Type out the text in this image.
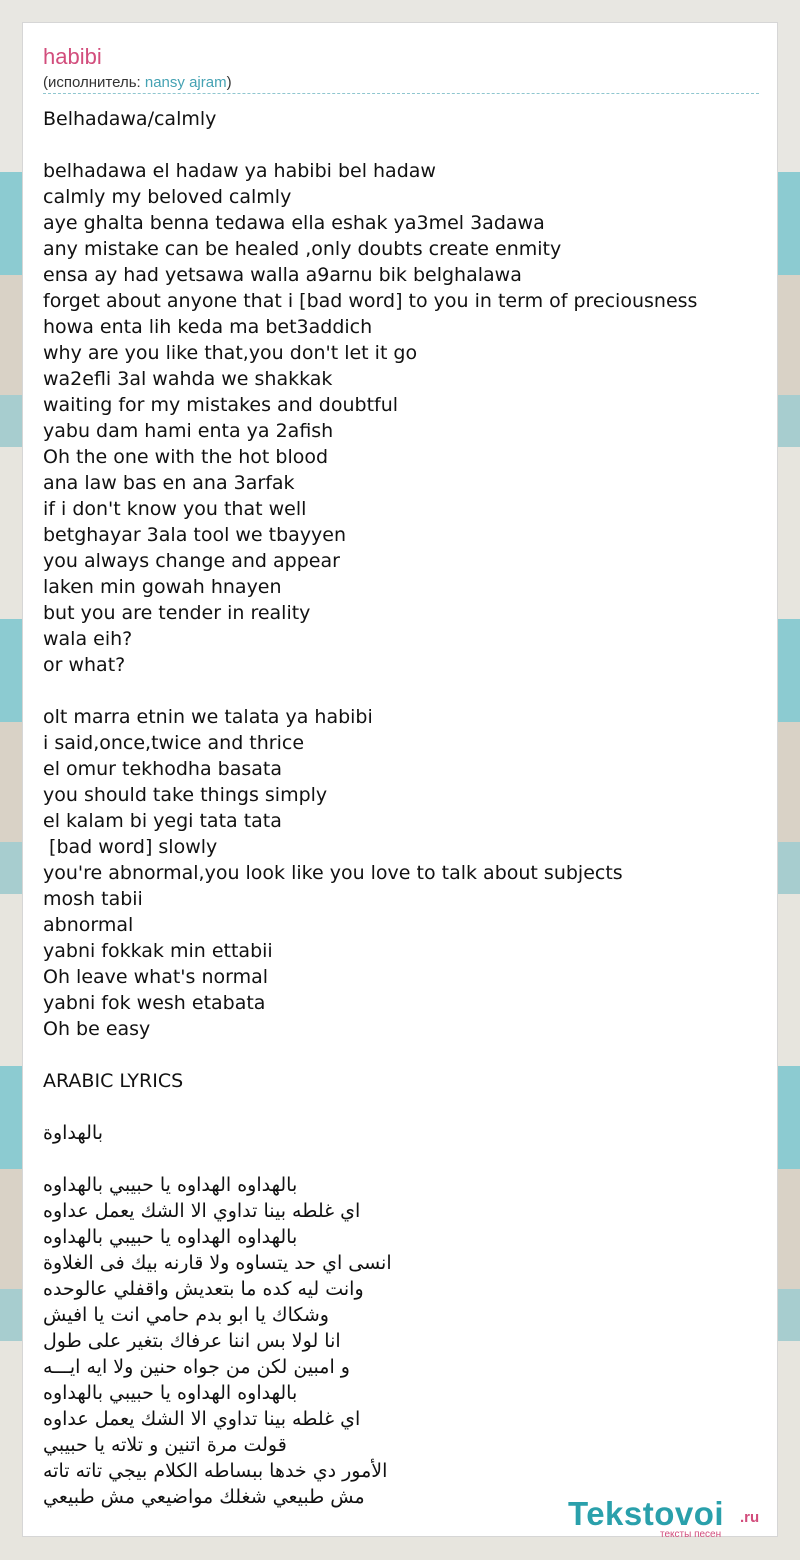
habibi
(исполнитель: nansy ajram)
Belhadawa/calmly
belhadawa el hadaw ya habibi bel hadaw
calmly my beloved calmly
aye ghalta benna tedawa ella eshak ya3mel 3adawa
any mistake can be healed ,only doubts create enmity
ensa ay had yetsawa walla a9arnu bik belghalawa
forget about anyone that i [bad word] to you in term of preciousness
howa enta lih keda ma bet3addich
why are you like that,you don't let it go
wa2efli 3al wahda we shakkak
waiting for my mistakes and doubtful
yabu dam hami enta ya 2afish
Oh the one with the hot blood
ana law bas en ana 3arfak
if i don't know you that well
betghayar 3ala tool we tbayyen
you always change and appear
laken min gowah hnayen
but you are tender in reality
wala eih?
or what?
olt marra etnin we talata ya habibi
i said,once,twice and thrice
el omur tekhodha basata
you should take things simply
el kalam bi yegi tata tata
[bad word] slowly
you're abnormal,you look like you love to talk about subjects
mosh tabii
abnormal
yabni fokkak min ettabii
Oh leave what's normal
yabni fok wesh etabata
Oh be easy
ARABIC LYRICS
بالهداوة
بالهداوه الهداوه يا حبيبي بالهداوه
اي غلطه بينا تداوي الا الشك يعمل عداوه
بالهداوه الهداوه يا حبيبي بالهداوه
انسى اي حد يتساوه ولا قارنه بيك فى الغلاوة
وانت ليه كده ما بتعديش واقفلي عالوحده
وشكاك يا ابو بدم حامي انت يا افيش
انا لولا بس اننا عرفاك بتغير على طول
و امبين لكن من جواه حنين ولا ايه ايـــه
بالهداوه الهداوه يا حبيبي بالهداوه
اي غلطه بينا تداوي الا الشك يعمل عداوه
قولت مرة اتنين و تلاته يا حبيبي
الأمور دي خدها ببساطه الكلام بيجي تاته تاته
مش طبيعي شغلك مواضيعي مش طبيعي	Tekstovoi .ru
тексты песен
